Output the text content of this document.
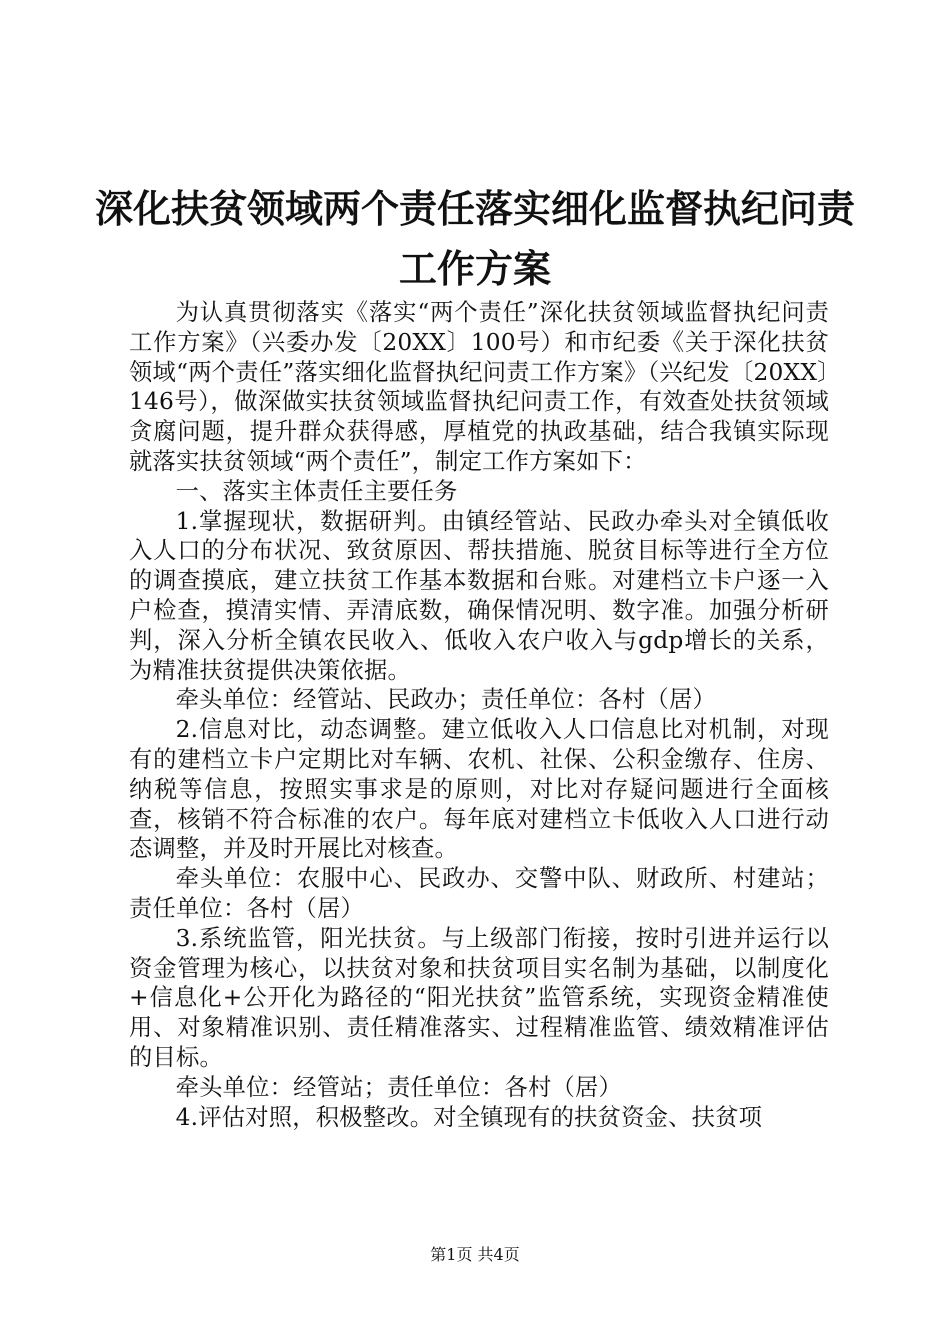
深化扶贫领域两个责任落实细化监督执纪问责
工作方案

为认真贯彻落实《落实“两个责任”深化扶贫领域监督执纪问责工作方案》（兴委办发〔20XX〕100号）和市纪委《关于深化扶贫领域“两个责任”落实细化监督执纪问责工作方案》（兴纪发〔20XX〕146号），做深做实扶贫领域监督执纪问责工作，有效查处扶贫领域贪腐问题，提升群众获得感，厚植党的执政基础，结合我镇实际现就落实扶贫领域“两个责任”，制定工作方案如下：

一、落实主体责任主要任务

1.掌握现状，数据研判。由镇经管站、民政办牵头对全镇低收入人口的分布状况、致贫原因、帮扶措施、脱贫目标等进行全方位的调查摸底，建立扶贫工作基本数据和台账。对建档立卡户逐一入户检查，摸清实情、弄清底数，确保情况明、数字准。加强分析研判，深入分析全镇农民收入、低收入农户收入与gdp增长的关系，为精准扶贫提供决策依据。

牵头单位：经管站、民政办；责任单位：各村（居）

2.信息对比，动态调整。建立低收入人口信息比对机制，对现有的建档立卡户定期比对车辆、农机、社保、公积金缴存、住房、纳税等信息，按照实事求是的原则，对比对存疑问题进行全面核查，核销不符合标准的农户。每年底对建档立卡低收入人口进行动态调整，并及时开展比对核查。

牵头单位：农服中心、民政办、交警中队、财政所、村建站；责任单位：各村（居）

3.系统监管，阳光扶贫。与上级部门衔接，按时引进并运行以资金管理为核心，以扶贫对象和扶贫项目实名制为基础，以制度化+信息化+公开化为路径的“阳光扶贫”监管系统，实现资金精准使用、对象精准识别、责任精准落实、过程精准监管、绩效精准评估的目标。

牵头单位：经管站；责任单位：各村（居）

4.评估对照，积极整改。对全镇现有的扶贫资金、扶贫项

第1页 共4页
